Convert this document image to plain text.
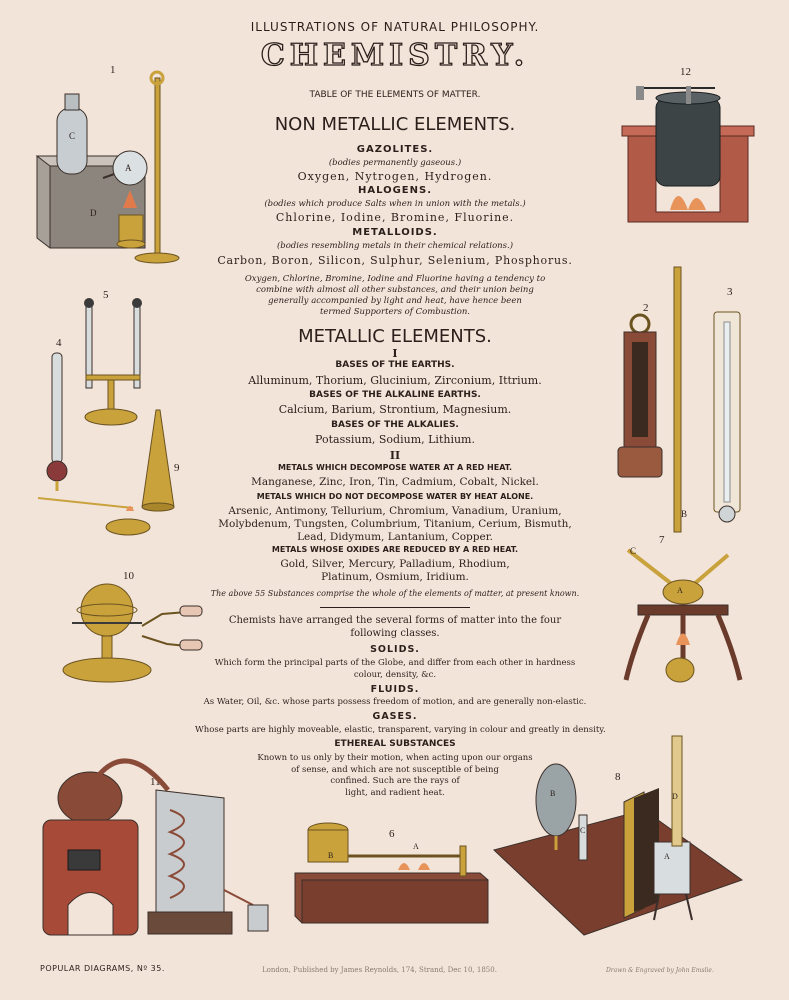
ILLUSTRATIONS OF NATURAL PHILOSOPHY.
CHEMISTRY.
TABLE OF THE ELEMENTS OF MATTER.
NON METALLIC ELEMENTS.
GAZOLITES.
(bodies permanently gaseous.)
Oxygen, Nytrogen, Hydrogen.
HALOGENS.
(bodies which produce Salts when in union with the metals.)
Chlorine, Iodine, Bromine, Fluorine.
METALLOIDS.
(bodies resembling metals in their chemical relations.)
Carbon, Boron, Silicon, Sulphur, Selenium, Phosphorus.
Oxygen, Chlorine, Bromine, Iodine and Fluorine having a tendency to
combine with almost all other substances, and their union being
generally accompanied by light and heat, have hence been
termed Supporters of Combustion.
METALLIC ELEMENTS.
I
BASES OF THE EARTHS.
Alluminum, Thorium, Glucinium, Zirconium, Ittrium.
BASES OF THE ALKALINE EARTHS.
Calcium, Barium, Strontium, Magnesium.
BASES OF THE ALKALIES.
Potassium, Sodium, Lithium.
II
METALS WHICH DECOMPOSE WATER AT A RED HEAT.
Manganese, Zinc, Iron, Tin, Cadmium, Cobalt, Nickel.
METALS WHICH DO NOT DECOMPOSE WATER BY HEAT ALONE.
Arsenic, Antimony, Tellurium, Chromium, Vanadium, Uranium,
Molybdenum, Tungsten, Columbrium, Titanium, Cerium, Bismuth,
Lead, Didymum, Lantanium, Copper.
METALS WHOSE OXIDES ARE REDUCED BY A RED HEAT.
Gold, Silver, Mercury, Palladium, Rhodium,
Platinum, Osmium, Iridium.
The above 55 Substances comprise the whole of the elements of matter, at present known.
Chemists have arranged the several forms of matter into the four
following classes.
SOLIDS.
Which form the principal parts of the Globe, and differ from each other in hardness
colour, density, &c.
FLUIDS.
As Water, Oil, &c. whose parts possess freedom of motion, and are generally non-elastic.
GASES.
Whose parts are highly moveable, elastic, transparent, varying in colour and greatly in density.
ETHEREAL SUBSTANCES
Known to us only by their motion, when acting upon our organs
of sense, and which are not susceptible of being
confined. Such are the rays of
light, and radient heat.
POPULAR DIAGRAMS, Nº 35.	London, Published by James Reynolds, 174, Strand, Dec 10, 1850.	Drawn & Engraved by John Emslie.
1	12
5
4
2
3
9
7
10
11
6
8
C
A
D
B
C
A
A
B
B
C
D
A
